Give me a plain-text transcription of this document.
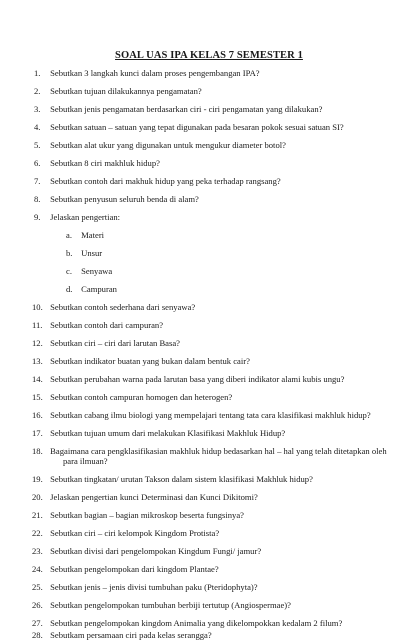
SOAL UAS IPA KELAS 7 SEMESTER 1
1. Sebutkan 3 langkah kunci dalam proses pengembangan IPA?
2. Sebutkan tujuan dilakukannya pengamatan?
3. Sebutkan jenis pengamatan berdasarkan ciri - ciri pengamatan yang dilakukan?
4. Sebutkan satuan – satuan yang tepat digunakan pada besaran pokok sesuai satuan SI?
5. Sebutkan alat ukur yang digunakan untuk mengukur diameter botol?
6. Sebutkan 8 ciri makhluk hidup?
7. Sebutkan contoh dari makhuk hidup yang peka terhadap rangsang?
8. Sebutkan penyusun seluruh benda di alam?
9. Jelaskan pengertian:
a. Materi
b. Unsur
c. Senyawa
d. Campuran
10. Sebutkan contoh sederhana dari senyawa?
11. Sebutkan contoh dari campuran?
12. Sebutkan ciri – ciri dari larutan Basa?
13. Sebutkan indikator buatan yang bukan dalam bentuk cair?
14. Sebutkan perubahan warna pada larutan basa yang diberi indikator alami kubis ungu?
15. Sebutkan contoh campuran homogen dan heterogen?
16. Sebutkan cabang ilmu biologi yang mempelajari tentang tata cara klasifikasi makhluk hidup?
17. Sebutkan tujuan umum dari melakukan Klasifikasi Makhluk Hidup?
18. Bagaimana cara pengklasifikasian makhluk hidup bedasarkan hal – hal yang telah ditetapkan oleh
para ilmuan?
19. Sebutkan tingkatan/ urutan Takson dalam sistem klasifikasi Makhluk hidup?
20. Jelaskan pengertian kunci Determinasi dan Kunci Dikitomi?
21. Sebutkan bagian – bagian mikroskop beserta fungsinya?
22. Sebutkan ciri – ciri kelompok Kingdom Protista?
23. Sebutkan divisi dari pengelompokan Kingdum Fungi/ jamur?
24. Sebutkan pengelompokan dari kingdom Plantae?
25. Sebutkan jenis – jenis divisi tumbuhan paku (Pteridophyta)?
26. Sebutkan pengelompokan tumbuhan berbiji tertutup (Angiospermae)?
27. Sebutkan pengelompokan kingdom Animalia yang dikelompokkan kedalam 2 filum?
28. Sebutkam persamaan ciri pada kelas serangga?
